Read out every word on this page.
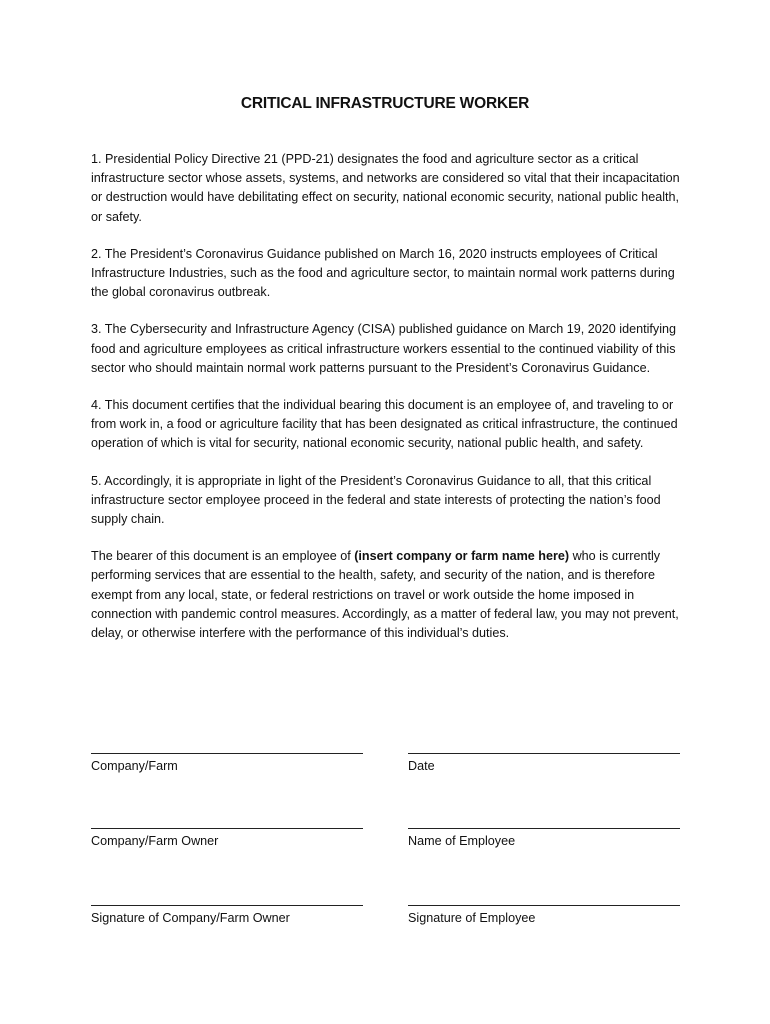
CRITICAL INFRASTRUCTURE WORKER

1. Presidential Policy Directive 21 (PPD-21) designates the food and agriculture sector as a critical infrastructure sector whose assets, systems, and networks are considered so vital that their incapacitation or destruction would have debilitating effect on security, national economic security, national public health, or safety.

2. The President’s Coronavirus Guidance published on March 16, 2020 instructs employees of Critical Infrastructure Industries, such as the food and agriculture sector, to maintain normal work patterns during the global coronavirus outbreak.

3. The Cybersecurity and Infrastructure Agency (CISA) published guidance on March 19, 2020 identifying food and agriculture employees as critical infrastructure workers essential to the continued viability of this sector who should maintain normal work patterns pursuant to the President’s Coronavirus Guidance.

4. This document certifies that the individual bearing this document is an employee of, and traveling to or from work in, a food or agriculture facility that has been designated as critical infrastructure, the continued operation of which is vital for security, national economic security, national public health, and safety.

5. Accordingly, it is appropriate in light of the President’s Coronavirus Guidance to all, that this critical infrastructure sector employee proceed in the federal and state interests of protecting the nation’s food supply chain.

The bearer of this document is an employee of (insert company or farm name here) who is currently performing services that are essential to the health, safety, and security of the nation, and is therefore exempt from any local, state, or federal restrictions on travel or work outside the home imposed in connection with pandemic control measures. Accordingly, as a matter of federal law, you may not prevent, delay, or otherwise interfere with the performance of this individual’s duties.

Company/Farm	Date
Company/Farm Owner	Name of Employee
Signature of Company/Farm Owner	Signature of Employee
